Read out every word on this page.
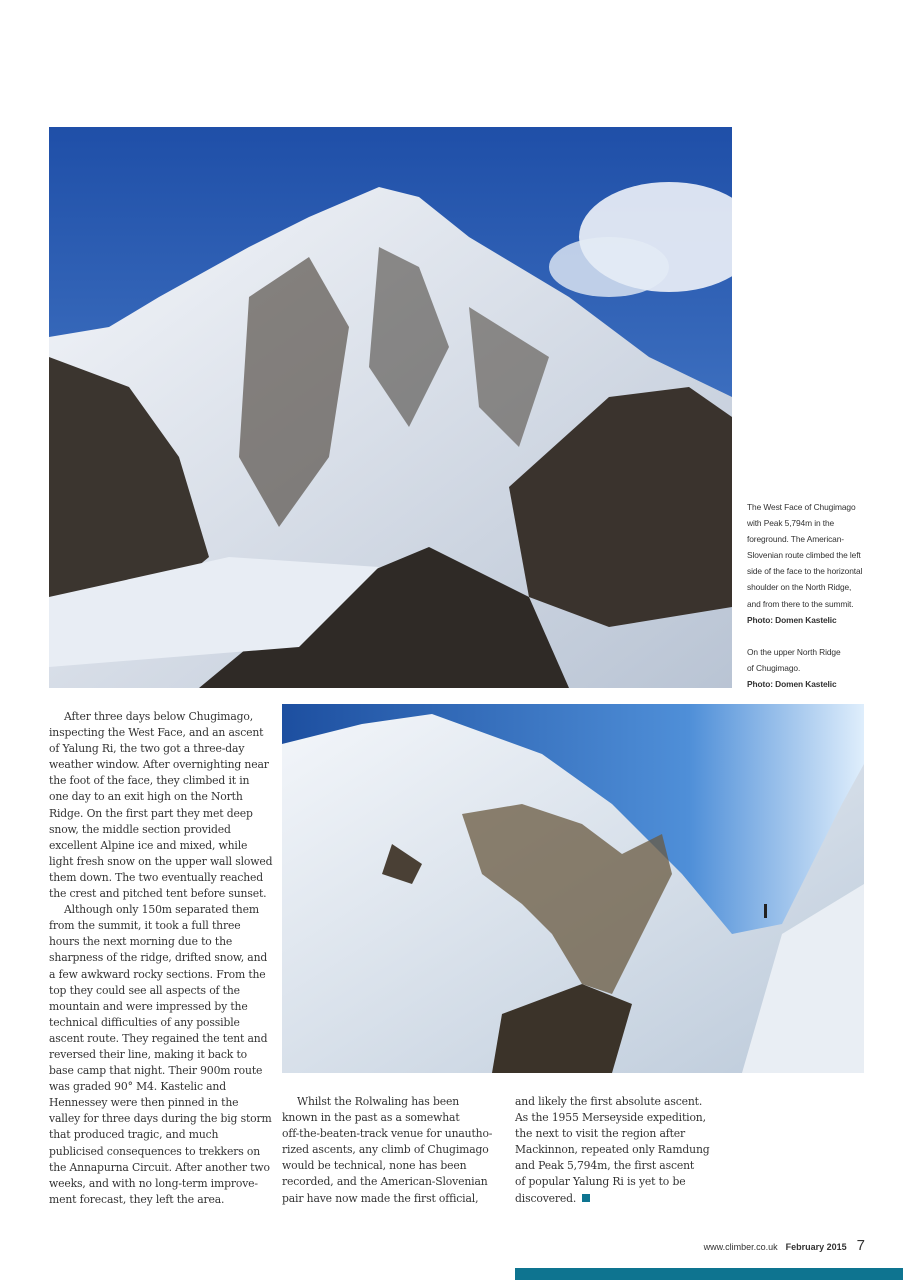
The West Face of Chugimago
with Peak 5,794m in the
foreground. The American-
Slovenian route climbed the left
side of the face to the horizontal
shoulder on the North Ridge,
and from there to the summit.
Photo: Domen Kastelic
On the upper North Ridge
of Chugimago.
Photo: Domen Kastelic

After three days below Chugimago,
inspecting the West Face, and an ascent
of Yalung Ri, the two got a three-day
weather window. After overnighting near
the foot of the face, they climbed it in
one day to an exit high on the North
Ridge. On the first part they met deep
snow, the middle section provided
excellent Alpine ice and mixed, while
light fresh snow on the upper wall slowed
them down. The two eventually reached
the crest and pitched tent before sunset.

Although only 150m separated them
from the summit, it took a full three
hours the next morning due to the
sharpness of the ridge, drifted snow, and
a few awkward rocky sections. From the
top they could see all aspects of the
mountain and were impressed by the
technical difficulties of any possible
ascent route. They regained the tent and
reversed their line, making it back to
base camp that night. Their 900m route
was graded 90° M4. Kastelic and
Hennessey were then pinned in the
valley for three days during the big storm
that produced tragic, and much
publicised consequences to trekkers on
the Annapurna Circuit. After another two
weeks, and with no long-term improve-
ment forecast, they left the area.

Whilst the Rolwaling has been
known in the past as a somewhat
off-the-beaten-track venue for unautho-
rized ascents, any climb of Chugimago
would be technical, none has been
recorded, and the American-Slovenian
pair have now made the first official,
and likely the first absolute ascent.
As the 1955 Merseyside expedition,
the next to visit the region after
Mackinnon, repeated only Ramdung
and Peak 5,794m, the first ascent
of popular Yalung Ri is yet to be
discovered.
www.climber.co.uk February 2015 7
